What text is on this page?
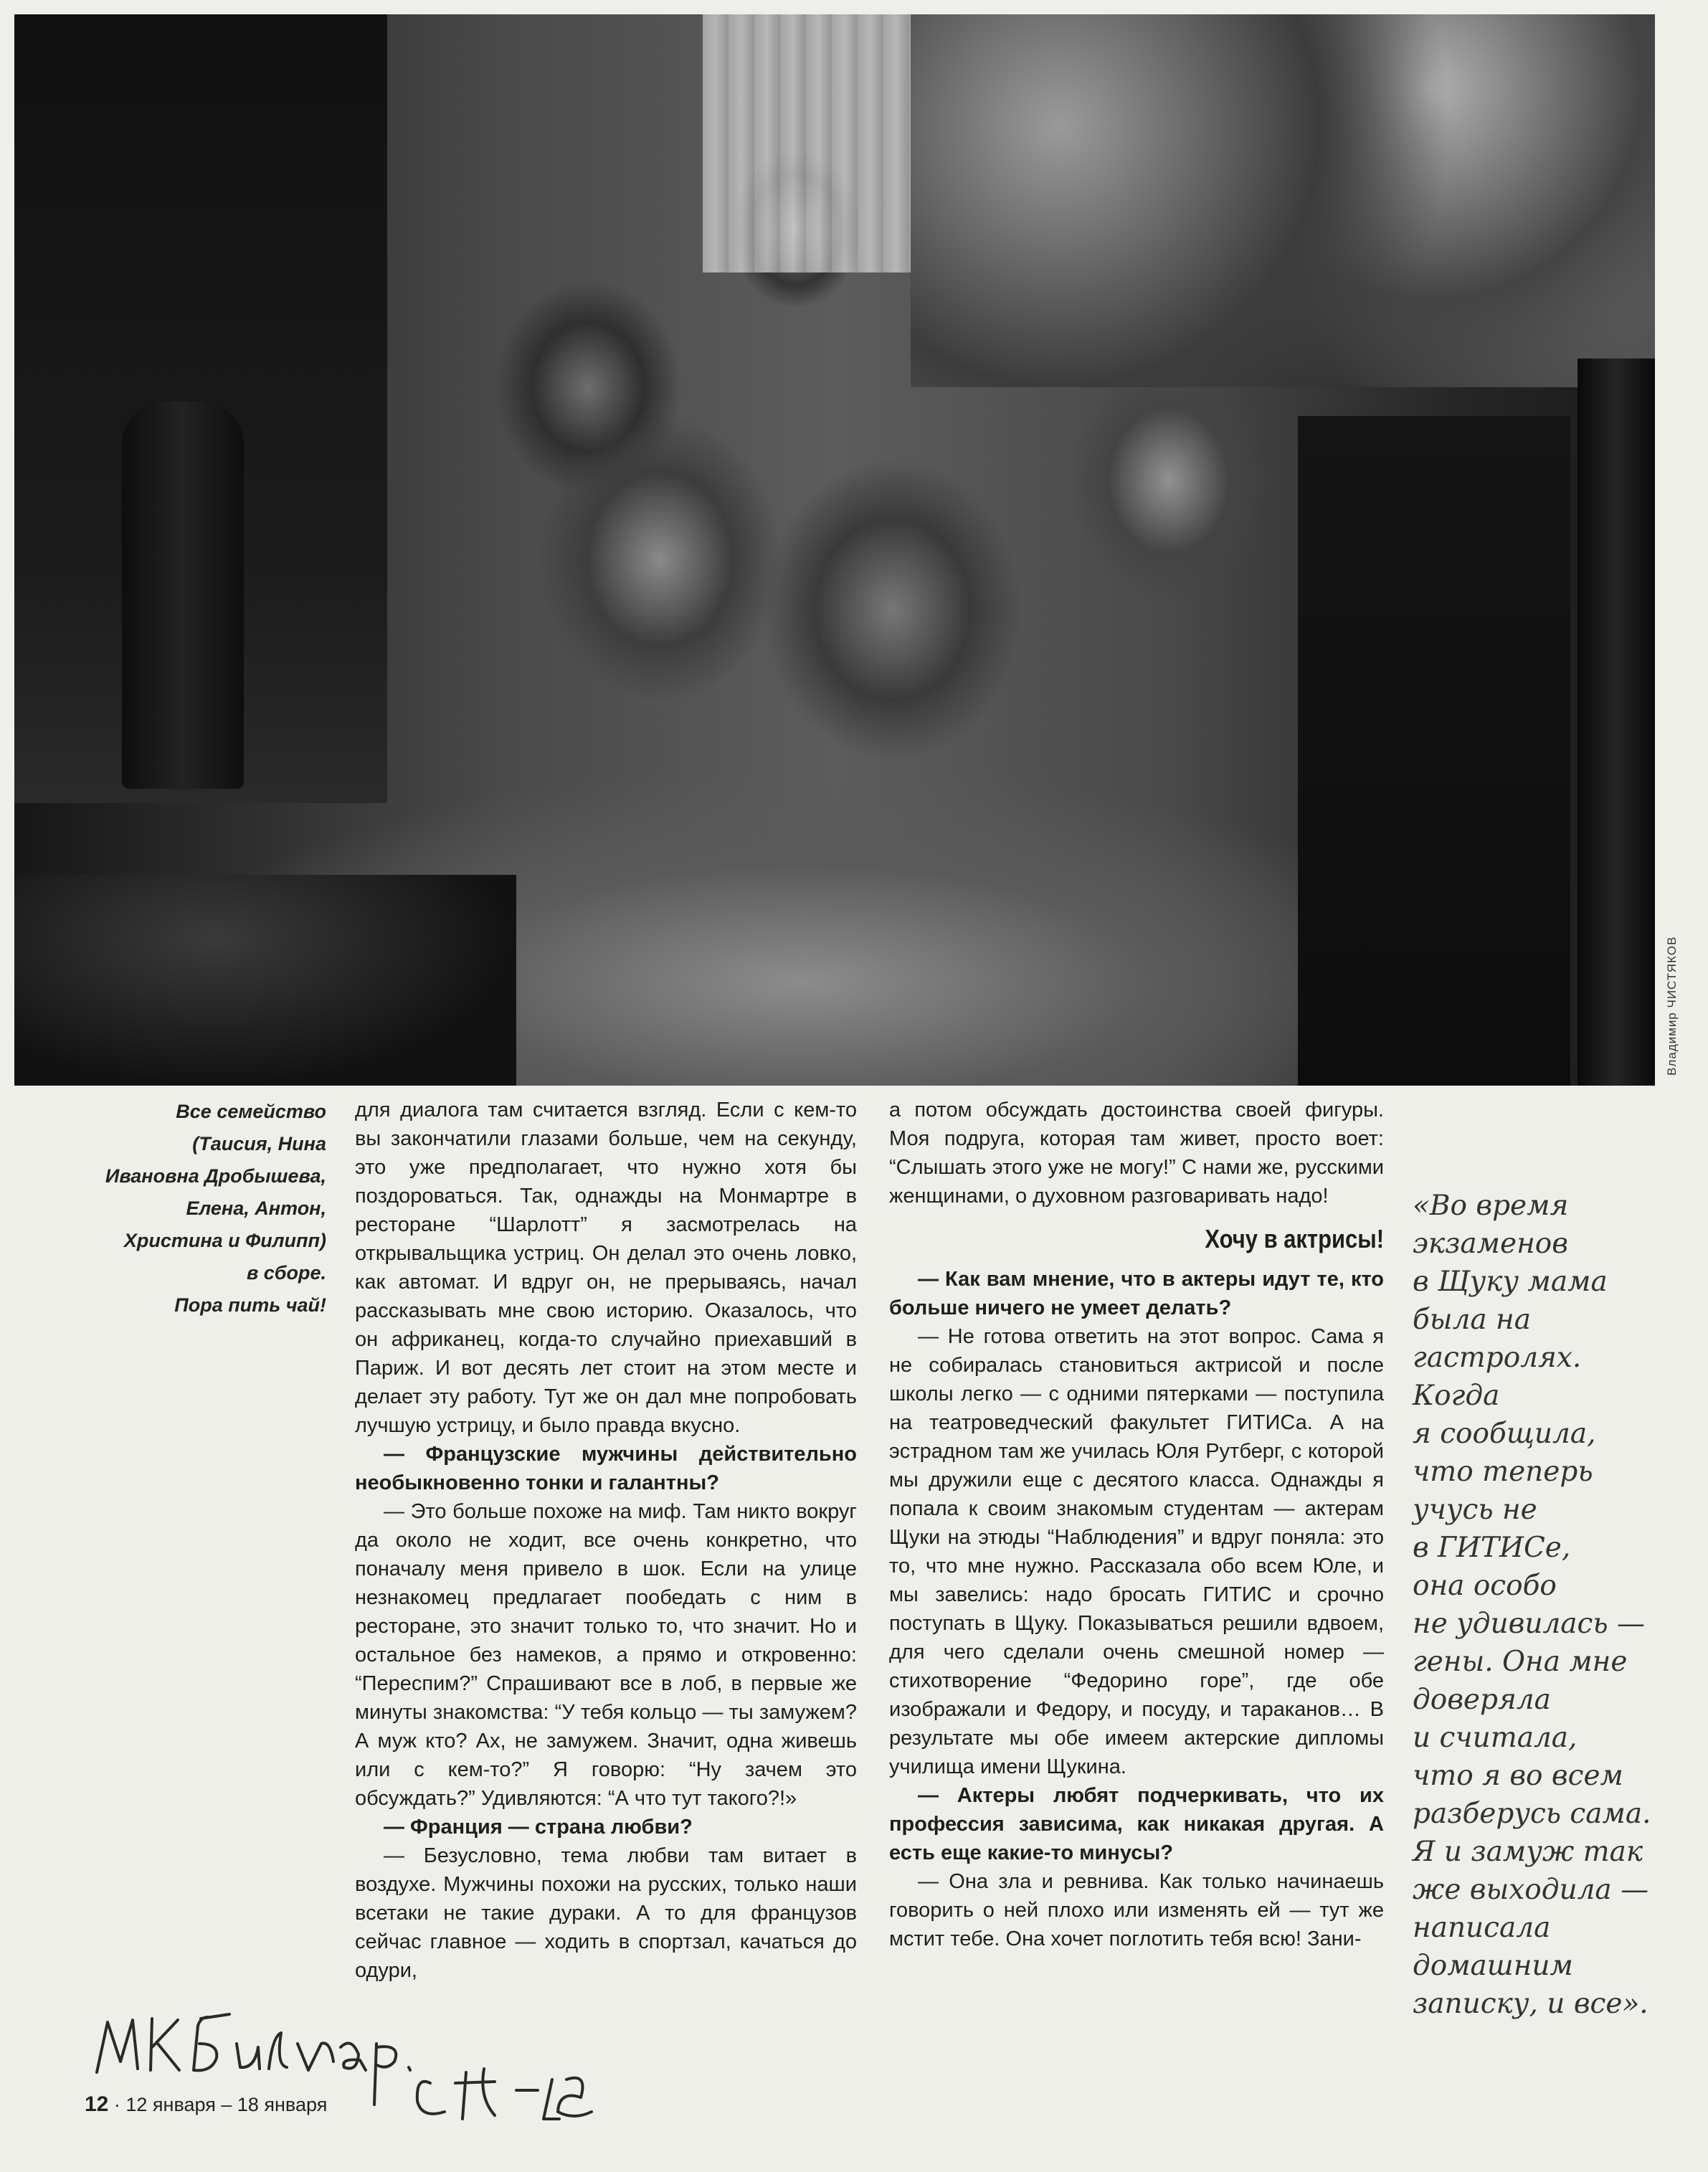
Владимир ЧИСТЯКОВ
Все семейство
(Таисия, Нина
Ивановна Дробышева,
Елена, Антон,
Христина и Филипп)
в сборе.
Пора пить чай!

для диалога там считается взгляд. Если с кем-то вы закончатили глазами больше, чем на секунду, это уже предполагает, что нужно хотя бы поздороваться. Так, однажды на Монмартре в ресторане “Шарлотт” я засмотрелась на открывальщика устриц. Он делал это очень ловко, как автомат. И вдруг он, не прерываясь, начал рассказывать мне свою историю. Оказалось, что он африканец, когда-то случайно приехавший в Париж. И вот десять лет стоит на этом месте и делает эту работу. Тут же он дал мне попробовать лучшую устрицу, и было правда вкусно.

— Французские мужчины действительно необыкновенно тонки и галантны?

— Это больше похоже на миф. Там никто вокруг да около не ходит, все очень конкретно, что поначалу меня привело в шок. Если на улице незнакомец предлагает пообедать с ним в ресторане, это значит только то, что значит. Но и остальное без намеков, а прямо и откровенно: “Переспим?” Спрашивают все в лоб, в первые же минуты знакомства: “У тебя кольцо — ты замужем? А муж кто? Ах, не замужем. Значит, одна живешь или с кем-то?” Я говорю: “Ну зачем это обсуждать?” Удивляются: “А что тут такого?!»

— Франция — страна любви?

— Безусловно, тема любви там витает в воздухе. Мужчины похожи на русских, только наши всетаки не такие дураки. А то для французов сейчас главное — ходить в спортзал, качаться до одури,

а потом обсуждать достоинства своей фигуры. Моя подруга, которая там живет, просто воет: “Слышать этого уже не могу!” С нами же, русскими женщинами, о духовном разговаривать надо!

Хочу в актрисы!

— Как вам мнение, что в актеры идут те, кто больше ничего не умеет делать?

— Не готова ответить на этот вопрос. Сама я не собиралась становиться актрисой и после школы легко — с одними пятерками — поступила на театроведческий факультет ГИТИСа. А на эстрадном там же училась Юля Рутберг, с которой мы дружили еще с десятого класса. Однажды я попала к своим знакомым студентам — актерам Щуки на этюды “Наблюдения” и вдруг поняла: это то, что мне нужно. Рассказала обо всем Юле, и мы завелись: надо бросать ГИТИС и срочно поступать в Щуку. Показываться решили вдвоем, для чего сделали очень смешной номер — стихотворение “Федорино горе”, где обе изображали и Федору, и посуду, и тараканов… В результате мы обе имеем актерские дипломы училища имени Щукина.

— Актеры любят подчеркивать, что их профессия зависима, как никакая другая. А есть еще какие-то минусы?

— Она зла и ревнива. Как только начинаешь говорить о ней плохо или изменять ей — тут же мстит тебе. Она хочет поглотить тебя всю! Зани-

«Во время
экзаменов
в Щуку мама
была на
гастролях.
Когда
я сообщила,
что теперь
учусь не
в ГИТИСе,
она особо
не удивилась —
гены. Она мне
доверяла
и считала,
что я во всем
разберусь сама.
Я и замуж так
же выходила —
написала
домашним
записку, и все».
МК Бульвар. с 14-15
12 · 12 января – 18 января
